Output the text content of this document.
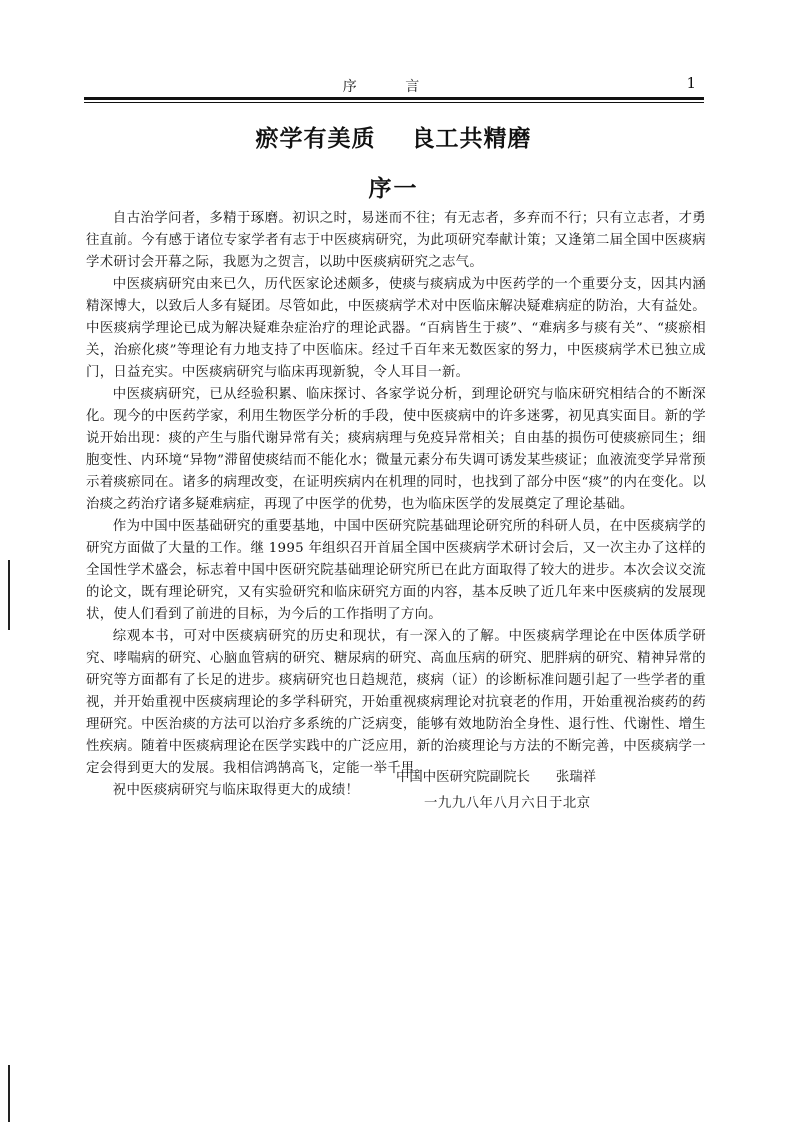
序 言	1
瘀学有美质    良工共精磨
序一

自古治学问者，多精于琢磨。初识之时，易迷而不往；有无志者，多弃而不行；只有立志者，才勇往直前。今有感于诸位专家学者有志于中医痰病研究，为此项研究奉献计策；又逢第二届全国中医痰病学术研讨会开幕之际，我愿为之贺言，以助中医痰病研究之志气。

中医痰病研究由来已久，历代医家论述颇多，使痰与痰病成为中医药学的一个重要分支，因其内涵精深博大，以致后人多有疑团。尽管如此，中医痰病学术对中医临床解决疑难病症的防治，大有益处。中医痰病学理论已成为解决疑难杂症治疗的理论武器。“百病皆生于痰”、“难病多与痰有关”、“痰瘀相关，治瘀化痰”等理论有力地支持了中医临床。经过千百年来无数医家的努力，中医痰病学术已独立成门，日益充实。中医痰病研究与临床再现新貌，令人耳目一新。

中医痰病研究，已从经验积累、临床探讨、各家学说分析，到理论研究与临床研究相结合的不断深化。现今的中医药学家，利用生物医学分析的手段，使中医痰病中的许多迷雾，初见真实面目。新的学说开始出现：痰的产生与脂代谢异常有关；痰病病理与免疫异常相关；自由基的损伤可使痰瘀同生；细胞变性、内环境“异物”滞留使痰结而不能化水；微量元素分布失调可诱发某些痰证；血液流变学异常预示着痰瘀同在。诸多的病理改变，在证明疾病内在机理的同时，也找到了部分中医“痰”的内在变化。以治痰之药治疗诸多疑难病症，再现了中医学的优势，也为临床医学的发展奠定了理论基础。

作为中国中医基础研究的重要基地，中国中医研究院基础理论研究所的科研人员，在中医痰病学的研究方面做了大量的工作。继 1995 年组织召开首届全国中医痰病学术研讨会后，又一次主办了这样的全国性学术盛会，标志着中国中医研究院基础理论研究所已在此方面取得了较大的进步。本次会议交流的论文，既有理论研究，又有实验研究和临床研究方面的内容，基本反映了近几年来中医痰病的发展现状，使人们看到了前进的目标，为今后的工作指明了方向。

综观本书，可对中医痰病研究的历史和现状，有一深入的了解。中医痰病学理论在中医体质学研究、哮喘病的研究、心脑血管病的研究、糖尿病的研究、高血压病的研究、肥胖病的研究、精神异常的研究等方面都有了长足的进步。痰病研究也日趋规范，痰病（证）的诊断标准问题引起了一些学者的重视，并开始重视中医痰病理论的多学科研究，开始重视痰病理论对抗衰老的作用，开始重视治痰药的药理研究。中医治痰的方法可以治疗多系统的广泛病变，能够有效地防治全身性、退行性、代谢性、增生性疾病。随着中医痰病理论在医学实践中的广泛应用，新的治痰理论与方法的不断完善，中医痰病学一定会得到更大的发展。我相信鸿鹄高飞，定能一举千里。

祝中医痰病研究与临床取得更大的成绩！

中国中医研究院副院长 张瑞祥
一九九八年八月六日于北京
